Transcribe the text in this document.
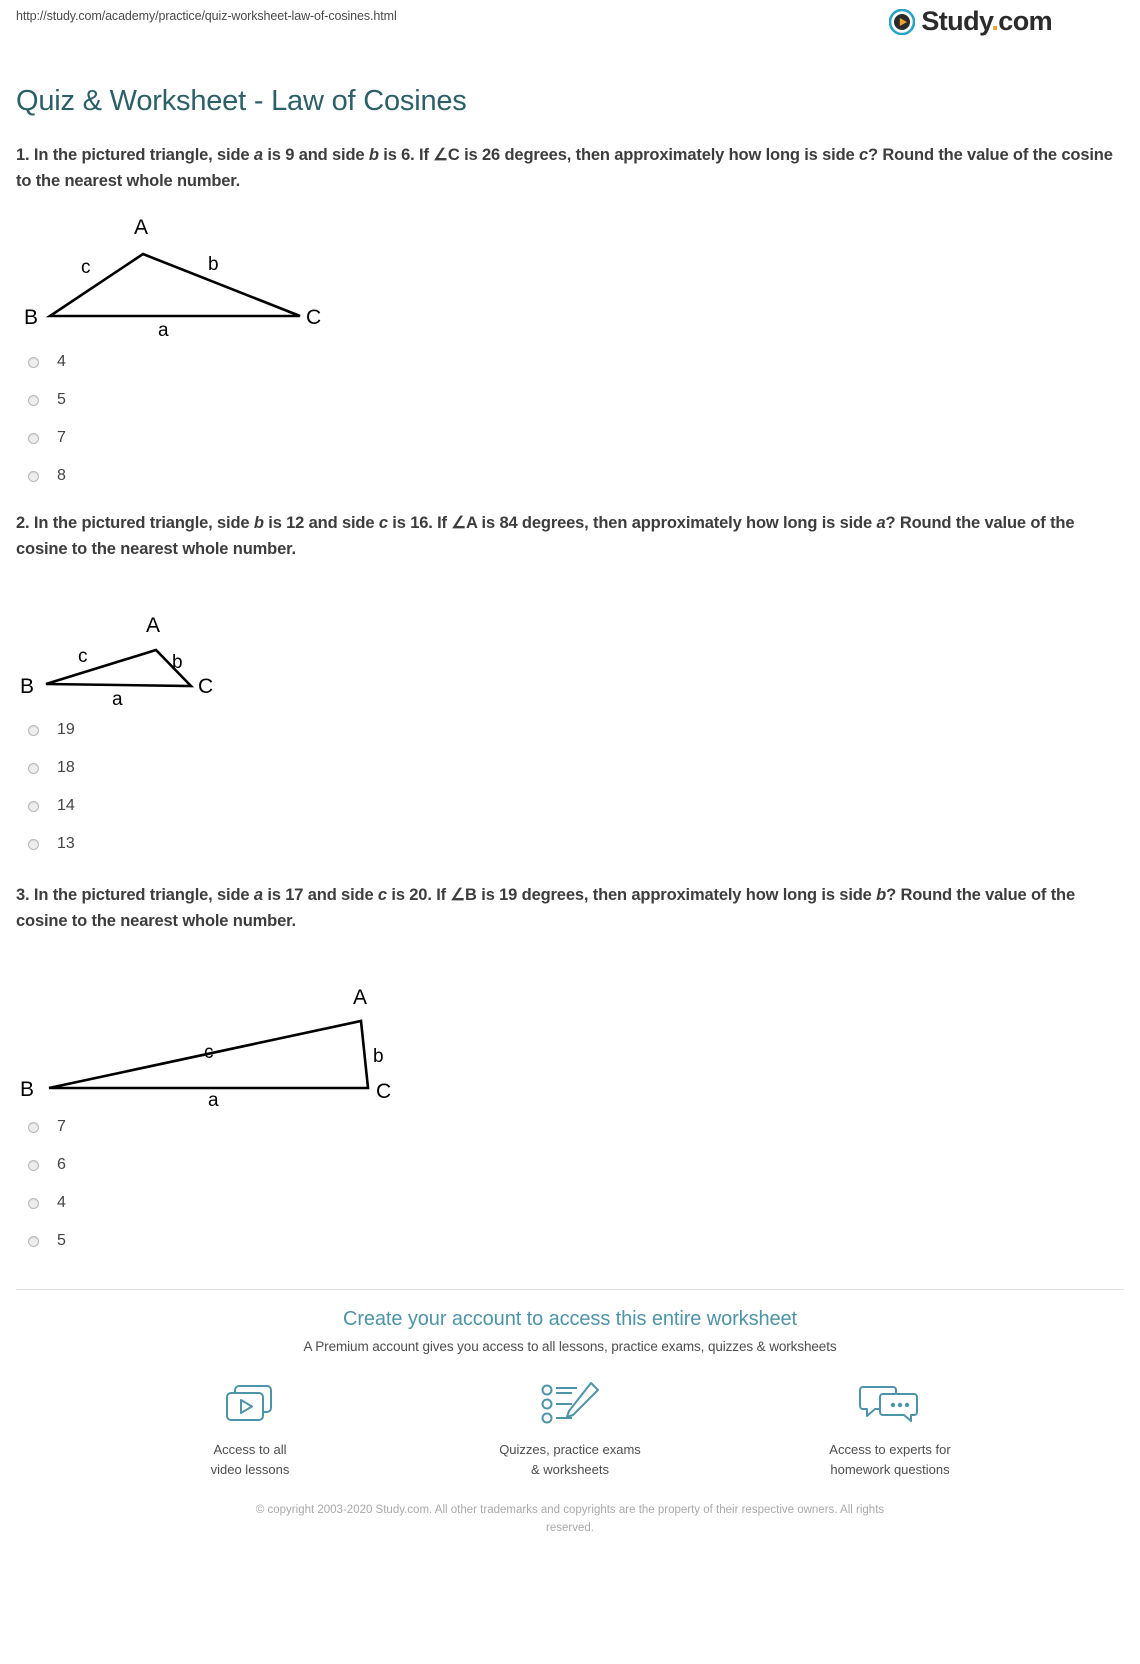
http://study.com/academy/practice/quiz-worksheet-law-of-cosines.html	Study.com
Quiz & Worksheet - Law of Cosines
1. In the pictured triangle, side a is 9 and side b is 6. If ∠C is 26 degrees, then approximately how long is side c? Round the value of the cosine to the nearest whole number.
A
B	C
c	b
a
4
5
7
8
2. In the pictured triangle, side b is 12 and side c is 16. If ∠A is 84 degrees, then approximately how long is side a? Round the value of the cosine to the nearest whole number.
A
B	C
c	b
a
19
18
14
13
3. In the pictured triangle, side a is 17 and side c is 20. If ∠B is 19 degrees, then approximately how long is side b? Round the value of the cosine to the nearest whole number.
A
B	C
c	b
a
7
6
4
5
Create your account to access this entire worksheet
A Premium account gives you access to all lessons, practice exams, quizzes & worksheets
Access to all
video lessons
Quizzes, practice exams
& worksheets
Access to experts for
homework questions
© copyright 2003-2020 Study.com. All other trademarks and copyrights are the property of their respective owners. All rights
reserved.
